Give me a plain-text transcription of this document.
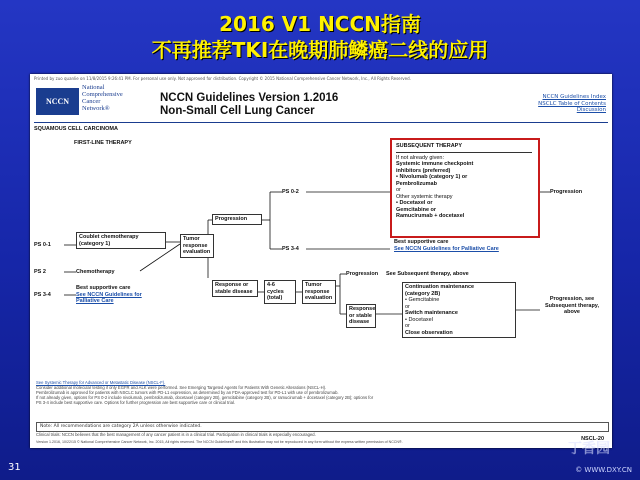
2016 V1 NCCN指南
不再推荐TKI在晚期肺鳞癌二线的应用
Printed by zuo quanlie on 11/8/2015 9:26:41 PM. For personal use only. Not approved for distribution. Copyright © 2015 National Comprehensive Cancer Network, Inc., All Rights Reserved.
NCCN
National
Comprehensive
Cancer
Network®
NCCN Guidelines Version 1.2016
Non-Small Cell Lung Cancer
NCCN Guidelines Index
NSCLC Table of Contents
Discussion
SQUAMOUS CELL CARCINOMA
FIRST-LINE THERAPY
PS 0-1
PS 2
PS 3-4
Coublet chemotherapy (category 1)
Chemotherapy
Best supportive care
See NCCN Guidelines for Palliative Care
Tumor response evaluation
Progression
Response or stable disease
4-6 cycles (total)
Tumor response evaluation
PS 0-2
PS 3-4
SUBSEQUENT THERAPY
If not already given:
Systemic immune checkpoint
inhibitors (preferred)
• Nivolumab (category 1) or
Pembrolizumab
or
Other systemic therapy
• Docetaxel or
Gemcitabine or
Ramucirumab + docetaxel
Progression
Best supportive care
See NCCN Guidelines for Palliative Care
Progression See Subsequent therapy, above
Response or stable disease
Continuation maintenance
(category 2B)
• Gemcitabine
or
Switch maintenance
• Docetaxel
or
Close observation
Progression, see Subsequent therapy, above
See Systemic Therapy for Advanced or Metastatic Disease (NSCL-F).
Consider additional molecular testing if only EGFR and ALK were performed. See Emerging Targeted Agents for Patients With Genetic Alterations (NSCL-H).
Pembrolizumab is approved for patients with NSCLC tumors with PD-L1 expression, as determined by an FDA-approved test for PD-L1 with use of pembrolizumab.
If not already given, options for PS 0-2 include nivolumab, pembrolizumab, docetaxel (category 2B), gemcitabine (category 2B), or ramucirumab + docetaxel (category 2B); options for
PS 3-4 include best supportive care. Options for further progression are best supportive care or clinical trial.
Note: All recommendations are category 2A unless otherwise indicated.
Clinical trials: NCCN believes that the best management of any cancer patient is in a clinical trial. Participation in clinical trials is especially encouraged.
Version 1.2016, 10/22/15 © National Comprehensive Cancer Network, Inc. 2015, All rights reserved. The NCCN Guidelines® and this illustration may not be reproduced in any form without the express written permission of NCCN®.	NSCL-20
31
丁香园
© WWW.DXY.CN
